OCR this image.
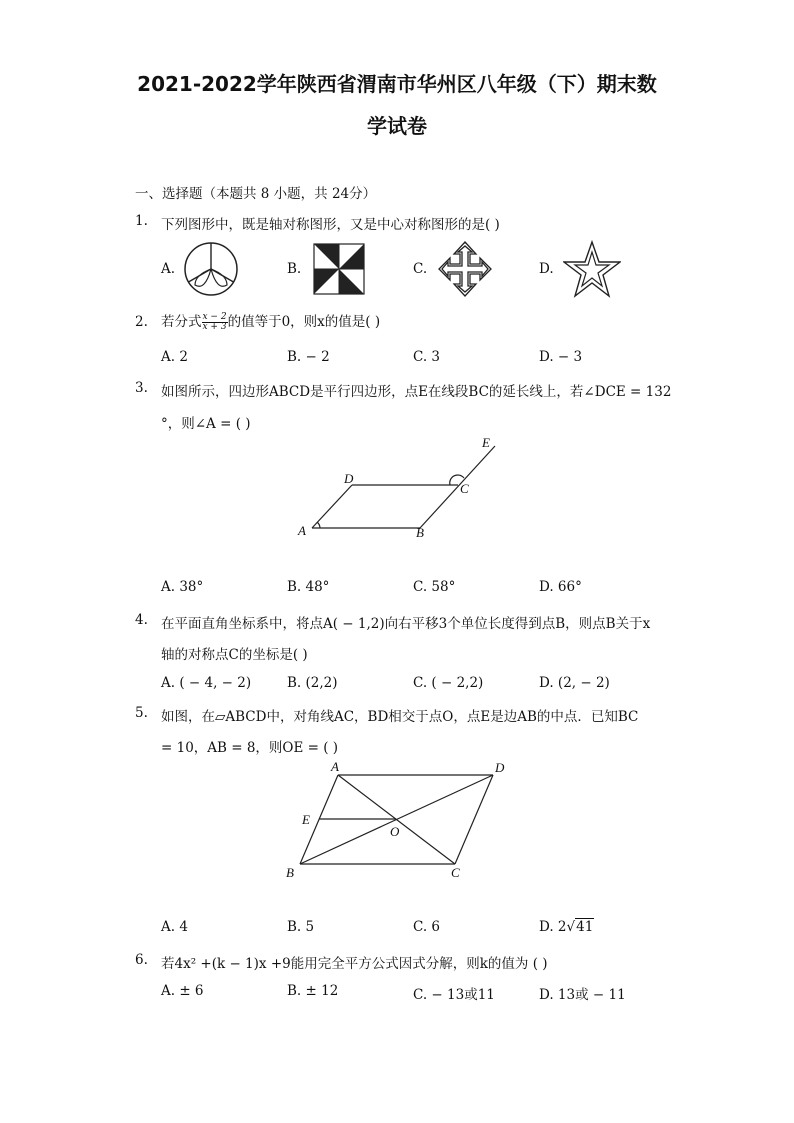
2021-2022学年陕西省渭南市华州区八年级（下）期末数
学试卷
一、选择题（本题共 8 小题，共 24分）
1. 下列图形中，既是轴对称图形，又是中心对称图形的是( )
A.	B.	C.	D.
2. 若分式 $\frac{x - 2}{x + 3}$ 的值等于0，则x的值是( )
A. 2	B. − 2	C. 3	D. − 3
3. 如图所示，四边形ABCD是平行四边形，点E在线段BC的延长线上，若∠DCE = 132
°，则∠A = ( )
A	B
C
D
E
A. 38°	B. 48°	C. 58°	D. 66°
4. 在平面直角坐标系中，将点A( − 1,2)向右平移3个单位长度得到点B，则点B关于x
轴的对称点C的坐标是( )
A. ( − 4, − 2)	B. (2,2)	C. ( − 2,2)	D. (2, − 2)
5. 如图，在▱ABCD中，对角线AC，BD相交于点O，点E是边AB的中点．已知BC
= 10，AB = 8，则OE = ( )
A	D
E
O
B	C
A. 4	B. 5	C. 6	D. 2√41
6. 若4x² +(k − 1)x +9能用完全平方公式因式分解，则k的值为 ( )
A. ± 6	B. ± 12	C. − 13或11	D. 13或 − 11
